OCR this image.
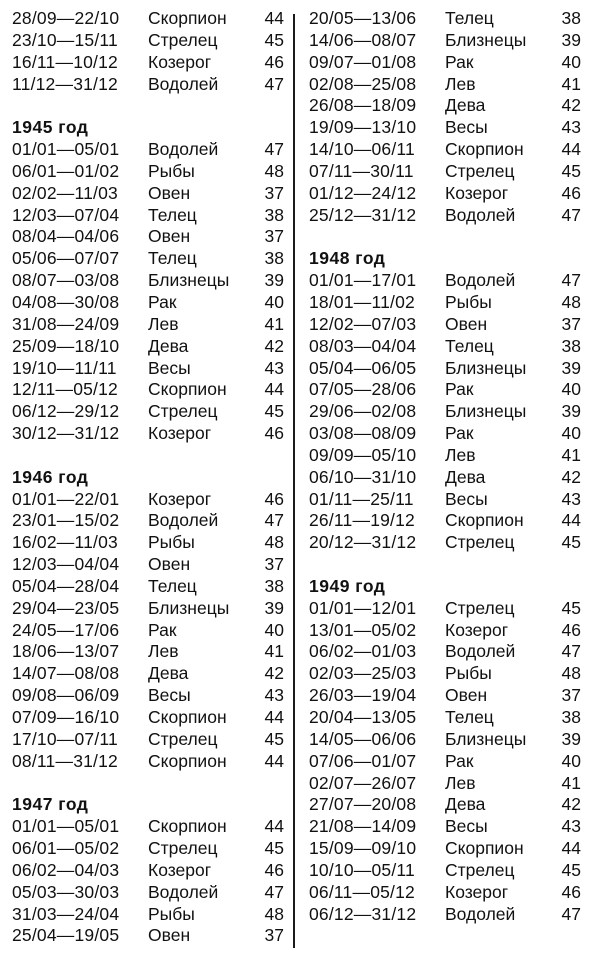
28/09—22/10 Скорпион 44
23/10—15/11 Стрелец	45
16/11—10/12 Козерог	46
11/12—31/12 Водолей	47
1945 год
01/01—05/01 Водолей	47
06/01—01/02 Рыбы	48
02/02—11/03 Овен	37
12/03—07/04 Телец	38
08/04—04/06 Овен	37
05/06—07/07 Телец	38
08/07—03/08 Близнецы 39
04/08—30/08 Рак	40
31/08—24/09 Лев	41
25/09—18/10 Дева	42
19/10—11/11 Весы	43
12/11—05/12 Скорпион 44
06/12—29/12 Стрелец	45
30/12—31/12 Козерог	46
1946 год
01/01—22/01 Козерог	46
23/01—15/02 Водолей	47
16/02—11/03 Рыбы	48
12/03—04/04 Овен	37
05/04—28/04 Телец	38
29/04—23/05 Близнецы 39
24/05—17/06 Рак	40
18/06—13/07 Лев	41
14/07—08/08 Дева	42
09/08—06/09 Весы	43
07/09—16/10 Скорпион 44
17/10—07/11 Стрелец	45
08/11—31/12 Скорпион 44
1947 год
01/01—05/01 Скорпион 44
06/01—05/02 Стрелец	45
06/02—04/03 Козерог	46
05/03—30/03 Водолей	47
31/03—24/04 Рыбы	48
25/04—19/05 Овен	37
20/05—13/06 Телец	38
14/06—08/07 Близнецы 39
09/07—01/08 Рак	40
02/08—25/08 Лев	41
26/08—18/09 Дева	42
19/09—13/10 Весы	43
14/10—06/11 Скорпион 44
07/11—30/11 Стрелец	45
01/12—24/12 Козерог	46
25/12—31/12 Водолей	47
1948 год
01/01—17/01 Водолей	47
18/01—11/02 Рыбы	48
12/02—07/03 Овен	37
08/03—04/04 Телец	38
05/04—06/05 Близнецы 39
07/05—28/06 Рак	40
29/06—02/08 Близнецы 39
03/08—08/09 Рак	40
09/09—05/10 Лев	41
06/10—31/10 Дева	42
01/11—25/11 Весы	43
26/11—19/12 Скорпион 44
20/12—31/12 Стрелец	45
1949 год
01/01—12/01 Стрелец	45
13/01—05/02 Козерог	46
06/02—01/03 Водолей	47
02/03—25/03 Рыбы	48
26/03—19/04 Овен	37
20/04—13/05 Телец	38
14/05—06/06 Близнецы 39
07/06—01/07 Рак	40
02/07—26/07 Лев	41
27/07—20/08 Дева	42
21/08—14/09 Весы	43
15/09—09/10 Скорпион 44
10/10—05/11 Стрелец	45
06/11—05/12 Козерог	46
06/12—31/12 Водолей	47
